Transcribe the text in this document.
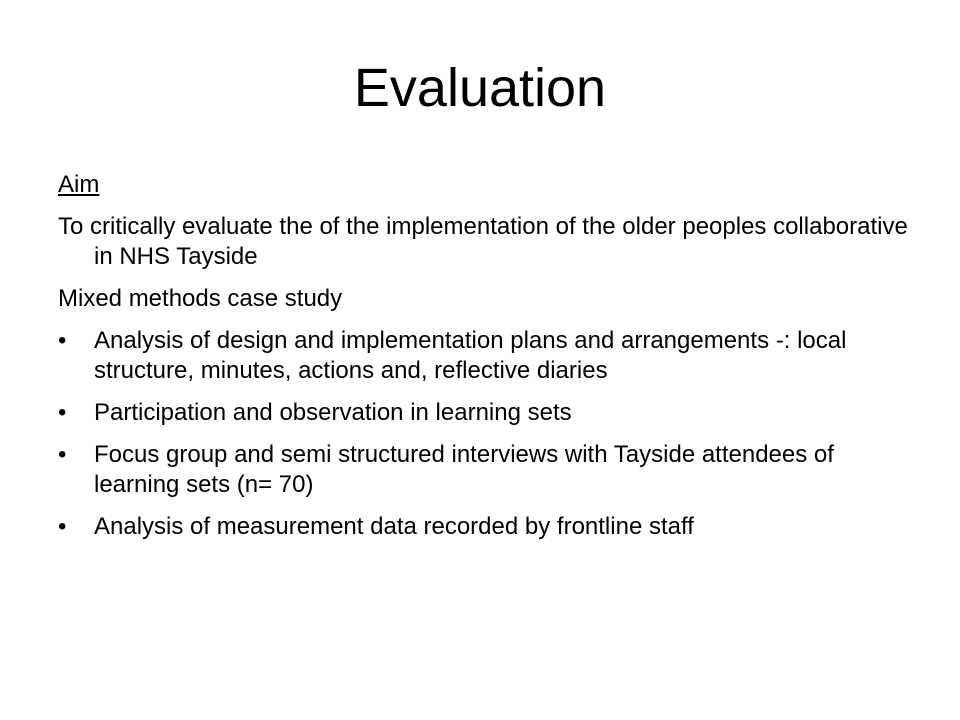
Evaluation

Aim

To critically evaluate the of the implementation of the older peoples collaborative in NHS Tayside

Mixed methods case study

• Analysis of design and implementation plans and arrangements -: local structure, minutes, actions and, reflective diaries
• Participation and observation in learning sets
• Focus group and semi structured interviews with Tayside attendees of learning sets (n= 70)
• Analysis of measurement data recorded by frontline staff
